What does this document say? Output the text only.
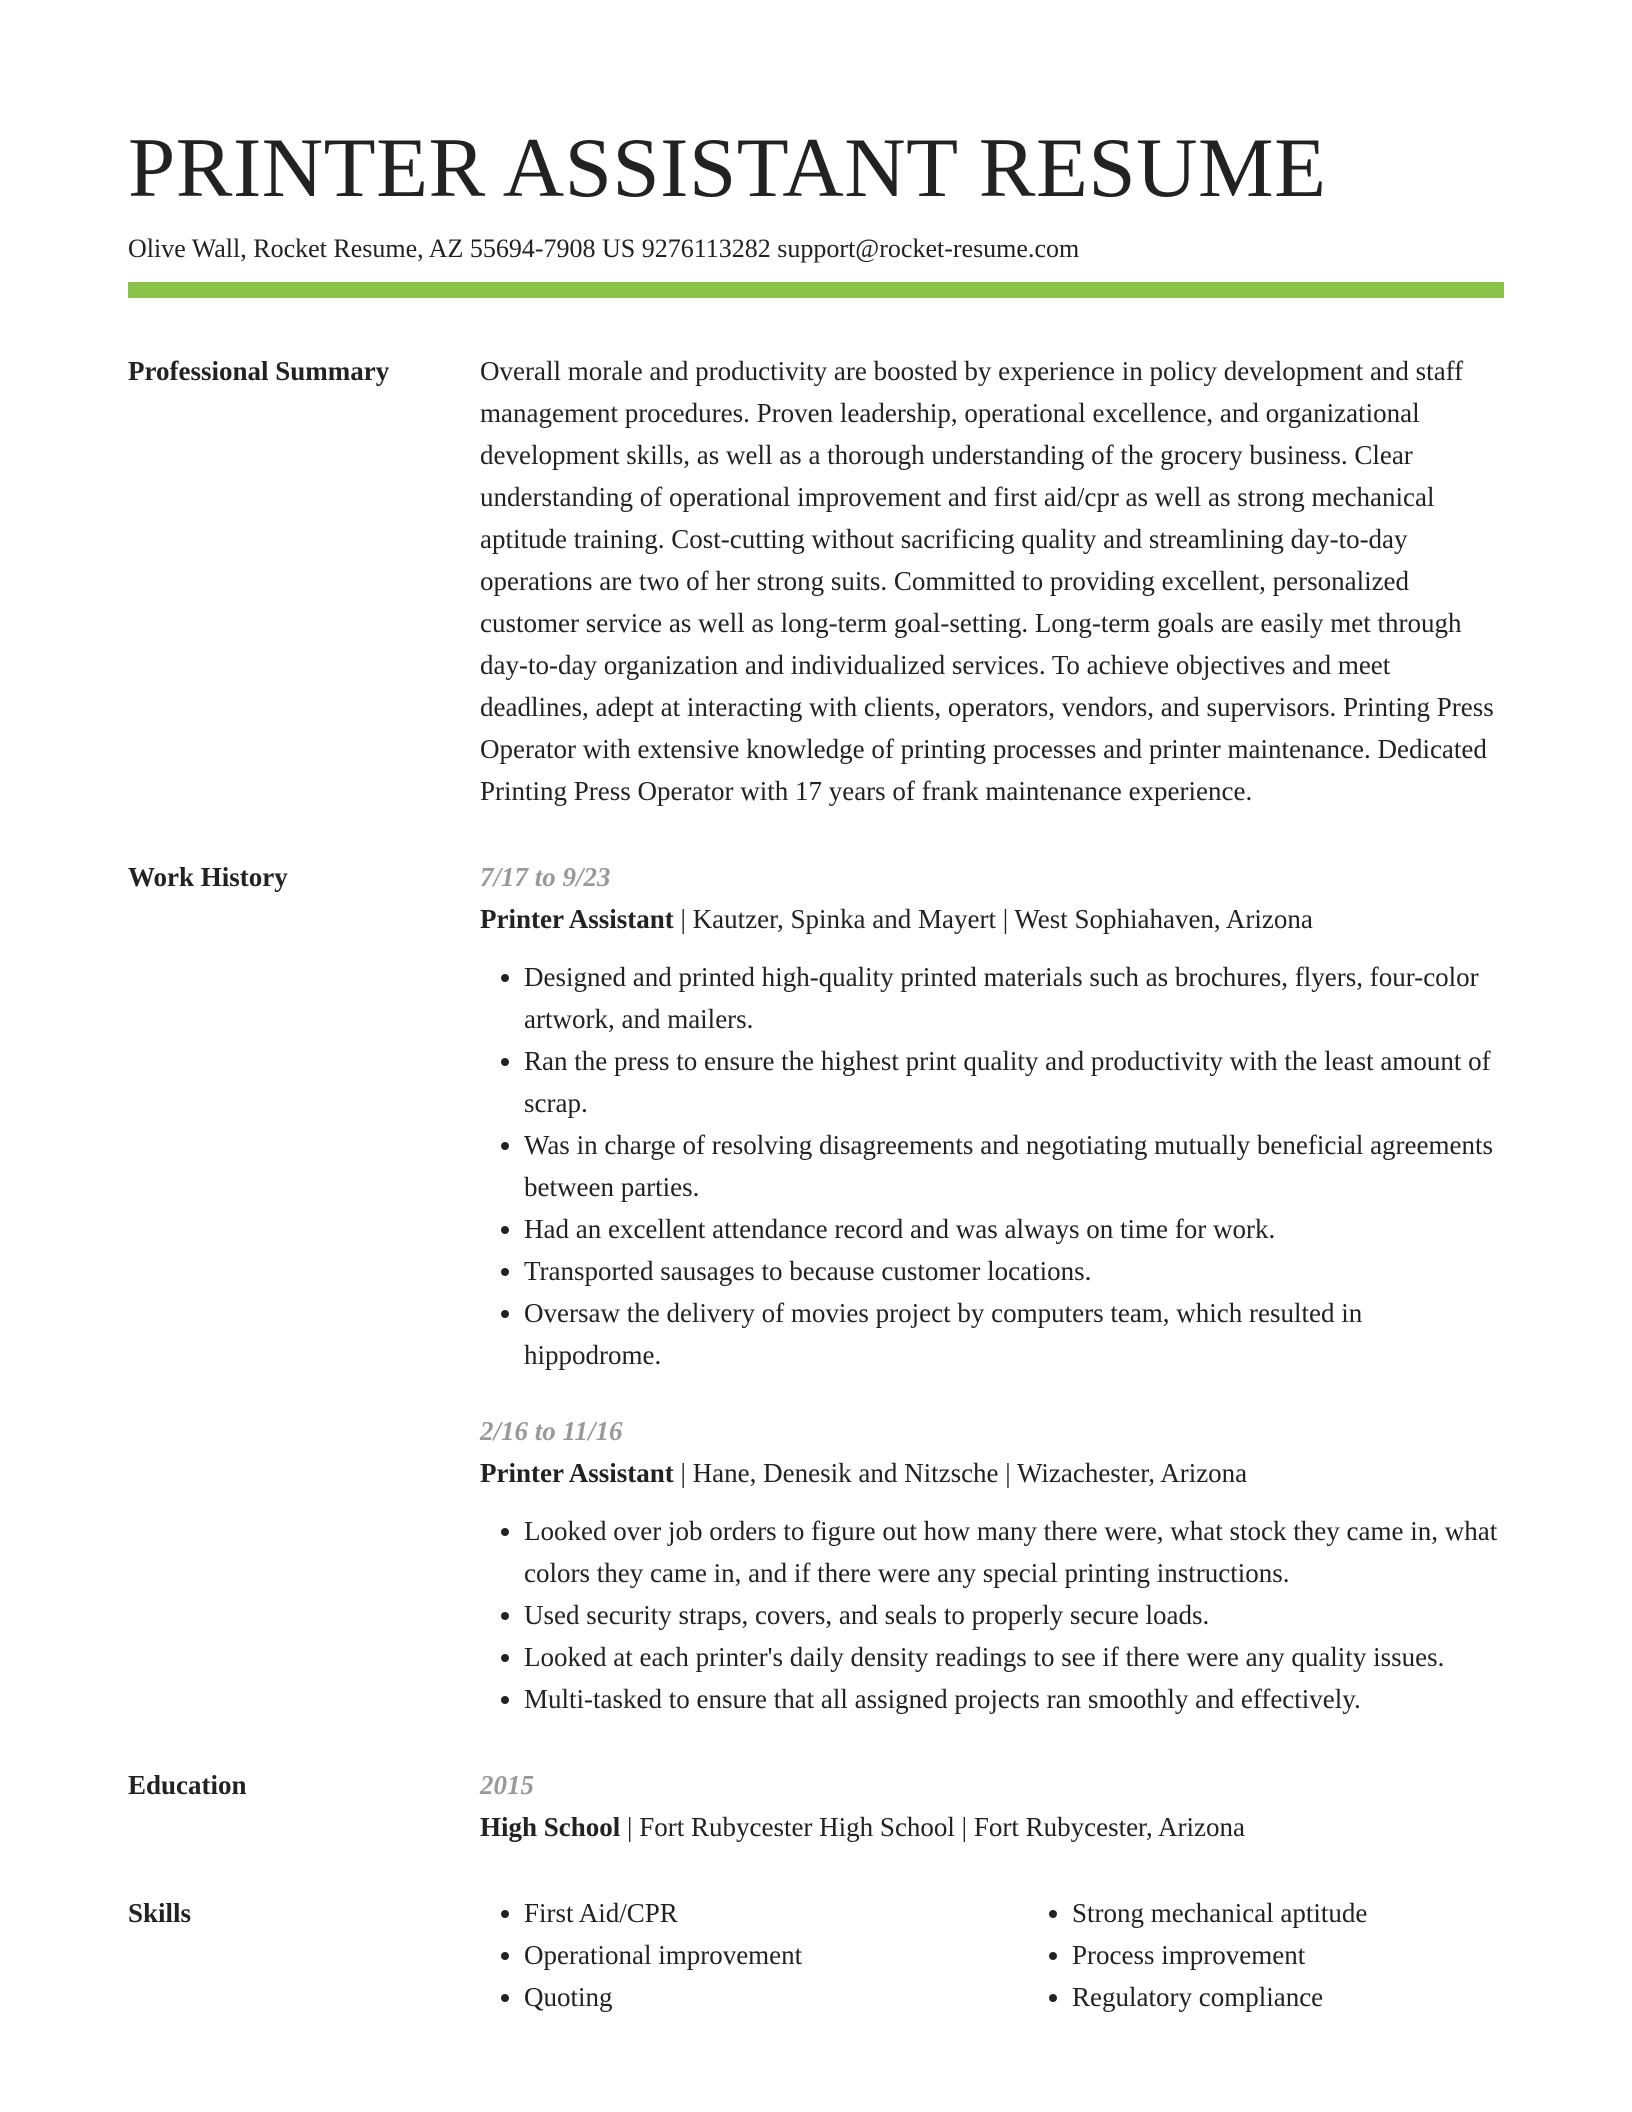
PRINTER ASSISTANT RESUME
Olive Wall, Rocket Resume, AZ 55694-7908 US 9276113282 support@rocket-resume.com
Professional Summary	Overall morale and productivity are boosted by experience in policy development and staff management procedures. Proven leadership, operational excellence, and organizational development skills, as well as a thorough understanding of the grocery business. Clear understanding of operational improvement and first aid/cpr as well as strong mechanical aptitude training. Cost-cutting without sacrificing quality and streamlining day-to-day operations are two of her strong suits. Committed to providing excellent, personalized customer service as well as long-term goal-setting. Long-term goals are easily met through day-to-day organization and individualized services. To achieve objectives and meet deadlines, adept at interacting with clients, operators, vendors, and supervisors. Printing Press Operator with extensive knowledge of printing processes and printer maintenance. Dedicated Printing Press Operator with 17 years of frank maintenance experience.

Work History	7/17 to 9/23
Printer Assistant | Kautzer, Spinka and Mayert | West Sophiahaven, Arizona
• Designed and printed high-quality printed materials such as brochures, flyers, four-color artwork, and mailers.
• Ran the press to ensure the highest print quality and productivity with the least amount of scrap.
• Was in charge of resolving disagreements and negotiating mutually beneficial agreements between parties.
• Had an excellent attendance record and was always on time for work.
• Transported sausages to because customer locations.
• Oversaw the delivery of movies project by computers team, which resulted in hippodrome.
2/16 to 11/16
Printer Assistant | Hane, Denesik and Nitzsche | Wizachester, Arizona
• Looked over job orders to figure out how many there were, what stock they came in, what colors they came in, and if there were any special printing instructions.
• Used security straps, covers, and seals to properly secure loads.
• Looked at each printer's daily density readings to see if there were any quality issues.
• Multi-tasked to ensure that all assigned projects ran smoothly and effectively.
Education	2015
High School | Fort Rubycester High School | Fort Rubycester, Arizona
Skills
•	First Aid/CPR
• Operational improvement
• Quoting
• Strong mechanical aptitude
• Process improvement
• Regulatory compliance
